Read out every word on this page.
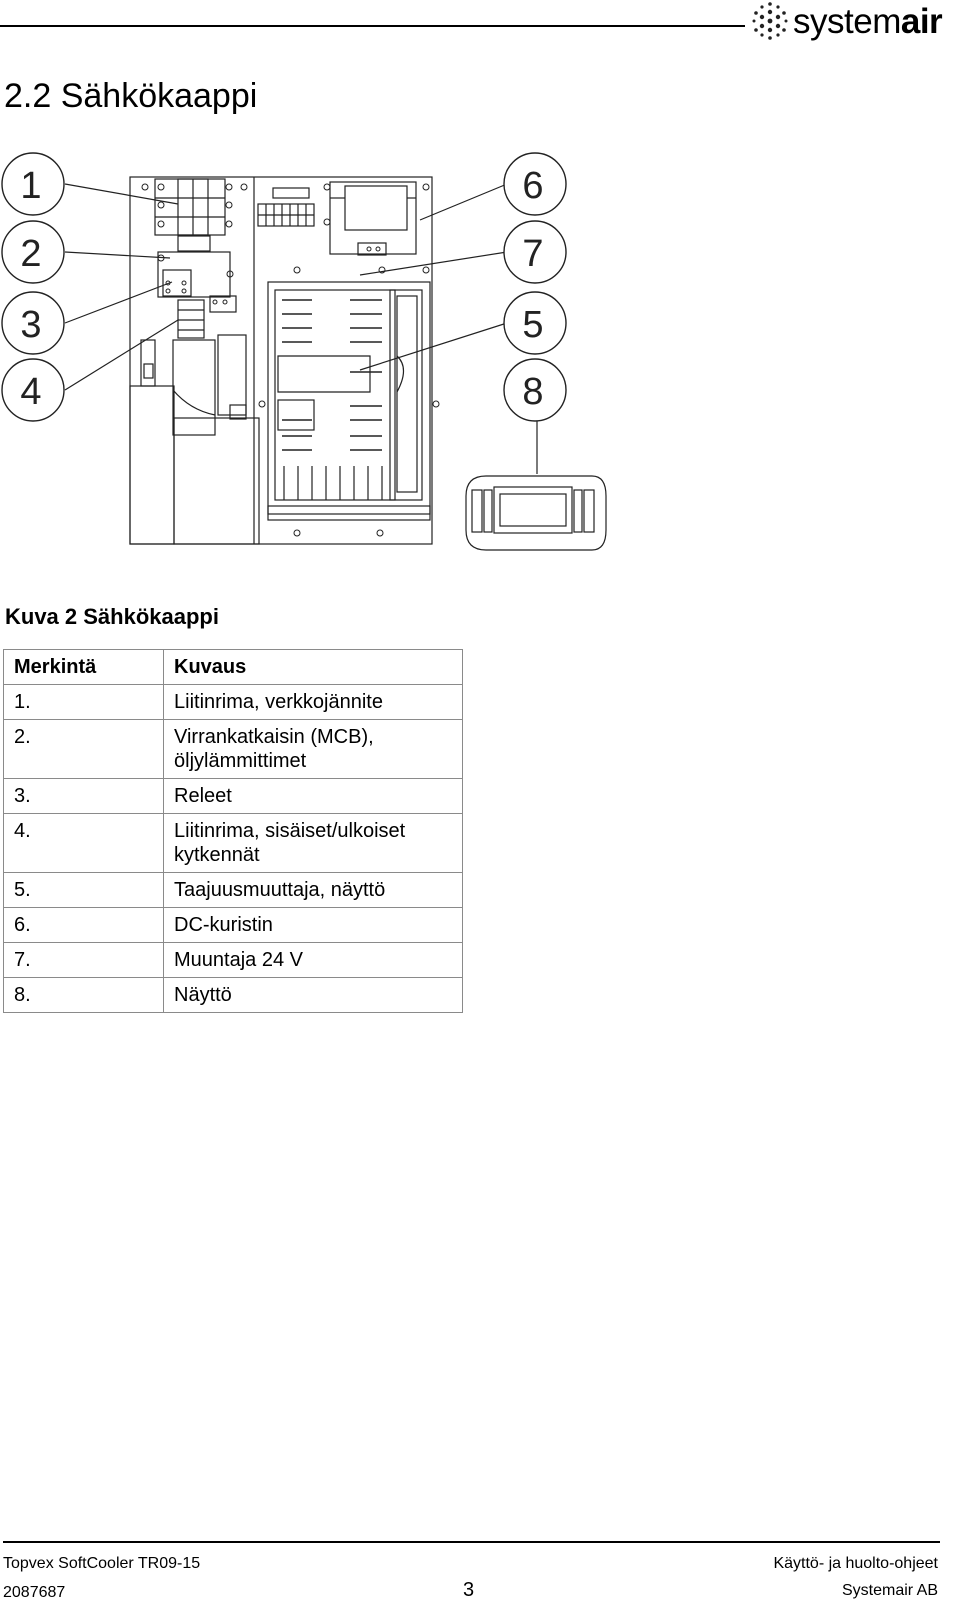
systemair
2.2 Sähkökaappi
1
2
3
4
6
7
5
8

Kuva 2 Sähkökaappi

Merkintä	Kuvaus
1.	Liitinrima, verkkojännite
2.	Virrankatkaisin (MCB), öljylämmittimet
3.	Releet
4.	Liitinrima, sisäiset/ulkoiset kytkennät
5.	Taajuusmuuttaja, näyttö
6.	DC-kuristin
7.	Muuntaja 24 V
8.	Näyttö
Topvex SoftCooler TR09-15	Käyttö- ja huolto-ohjeet
2087687	3	Systemair AB
